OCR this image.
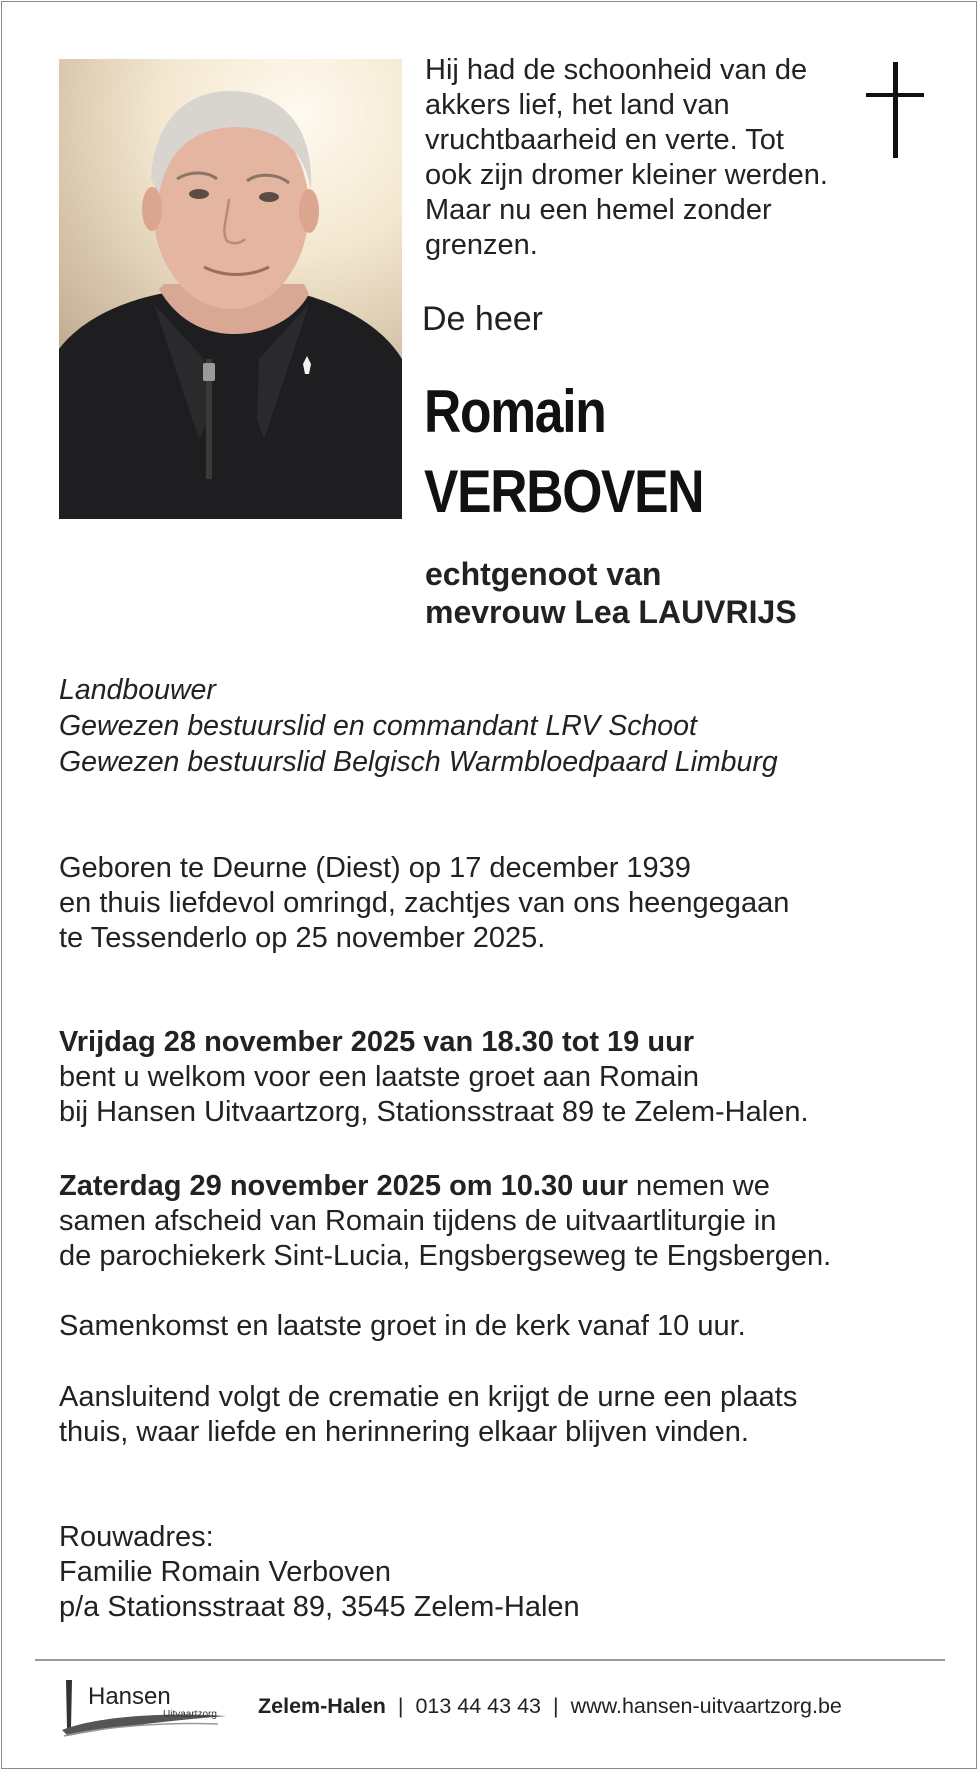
Hij had de schoonheid van de
akkers lief, het land van
vruchtbaarheid en verte. Tot
ook zijn dromer kleiner werden.
Maar nu een hemel zonder
grenzen.
De heer
Romain
VERBOVEN
echtgenoot van
mevrouw Lea LAUVRIJS
Landbouwer
Gewezen bestuurslid en commandant LRV Schoot
Gewezen bestuurslid Belgisch Warmbloedpaard Limburg
Geboren te Deurne (Diest) op 17 december 1939
en thuis liefdevol omringd, zachtjes van ons heengegaan
te Tessenderlo op 25 november 2025.
Vrijdag 28 november 2025 van 18.30 tot 19 uur
bent u welkom voor een laatste groet aan Romain
bij Hansen Uitvaartzorg, Stationsstraat 89 te Zelem-Halen.
Zaterdag 29 november 2025 om 10.30 uur nemen we
samen afscheid van Romain tijdens de uitvaartliturgie in
de parochiekerk Sint-Lucia, Engsbergseweg te Engsbergen.
Samenkomst en laatste groet in de kerk vanaf 10 uur.
Aansluitend volgt de crematie en krijgt de urne een plaats
thuis, waar liefde en herinnering elkaar blijven vinden.
Rouwadres:
Familie Romain Verboven
p/a Stationsstraat 89, 3545 Zelem-Halen
Hansen
Uitvaartzorg Zelem-Halen | 013 44 43 43 | www.hansen-uitvaartzorg.be
